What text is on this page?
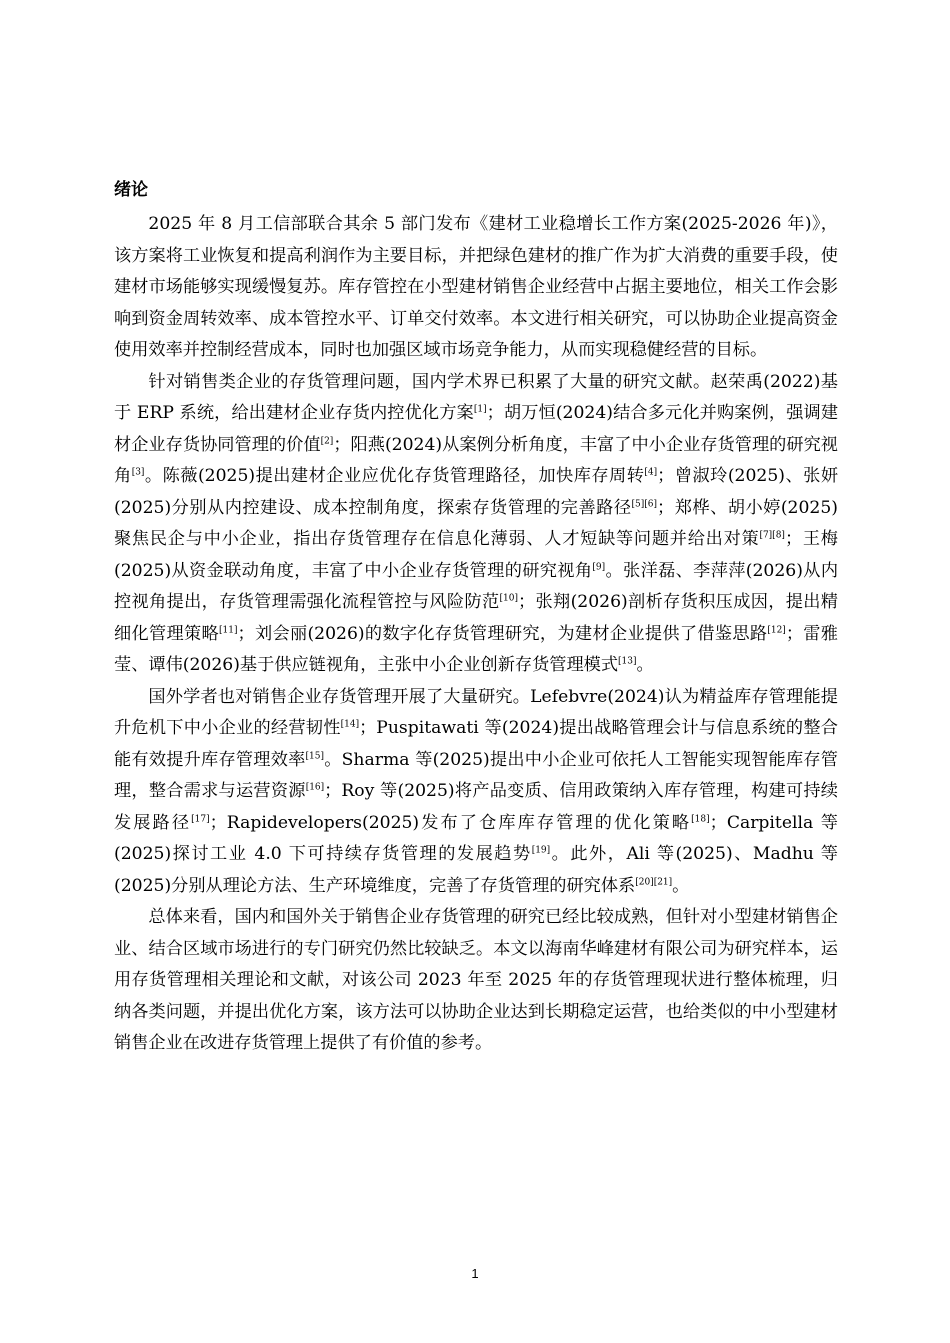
绪论

2025 年 8 月工信部联合其余 5 部门发布《建材工业稳增长工作方案(2025-2026 年)》，该方案将工业恢复和提高利润作为主要目标，并把绿色建材的推广作为扩大消费的重要手段，使建材市场能够实现缓慢复苏。库存管控在小型建材销售企业经营中占据主要地位，相关工作会影响到资金周转效率、成本管控水平、订单交付效率。本文进行相关研究，可以协助企业提高资金使用效率并控制经营成本，同时也加强区域市场竞争能力，从而实现稳健经营的目标。

针对销售类企业的存货管理问题，国内学术界已积累了大量的研究文献。赵荣禹(2022)基于 ERP 系统，给出建材企业存货内控优化方案[1]；胡万恒(2024)结合多元化并购案例，强调建材企业存货协同管理的价值[2]；阳燕(2024)从案例分析角度，丰富了中小企业存货管理的研究视角[3]。陈薇(2025)提出建材企业应优化存货管理路径，加快库存周转[4]；曾淑玲(2025)、张妍(2025)分别从内控建设、成本控制角度，探索存货管理的完善路径[5][6]；郑桦、胡小婷(2025)聚焦民企与中小企业，指出存货管理存在信息化薄弱、人才短缺等问题并给出对策[7][8]；王梅(2025)从资金联动角度，丰富了中小企业存货管理的研究视角[9]。张洋磊、李萍萍(2026)从内控视角提出，存货管理需强化流程管控与风险防范[10]；张翔(2026)剖析存货积压成因，提出精细化管理策略[11]；刘会丽(2026)的数字化存货管理研究，为建材企业提供了借鉴思路[12]；雷雅莹、谭伟(2026)基于供应链视角，主张中小企业创新存货管理模式[13]。

国外学者也对销售企业存货管理开展了大量研究。Lefebvre(2024)认为精益库存管理能提升危机下中小企业的经营韧性[14]；Puspitawati 等(2024)提出战略管理会计与信息系统的整合能有效提升库存管理效率[15]。Sharma 等(2025)提出中小企业可依托人工智能实现智能库存管理，整合需求与运营资源[16]；Roy 等(2025)将产品变质、信用政策纳入库存管理，构建可持续发展路径[17]；Rapidevelopers(2025)发布了仓库库存管理的优化策略[18]；Carpitella 等(2025)探讨工业 4.0 下可持续存货管理的发展趋势[19]。此外，Ali 等(2025)、Madhu 等(2025)分别从理论方法、生产环境维度，完善了存货管理的研究体系[20][21]。

总体来看，国内和国外关于销售企业存货管理的研究已经比较成熟，但针对小型建材销售企业、结合区域市场进行的专门研究仍然比较缺乏。本文以海南华峰建材有限公司为研究样本，运用存货管理相关理论和文献，对该公司 2023 年至 2025 年的存货管理现状进行整体梳理，归纳各类问题，并提出优化方案，该方法可以协助企业达到长期稳定运营，也给类似的中小型建材销售企业在改进存货管理上提供了有价值的参考。

1
